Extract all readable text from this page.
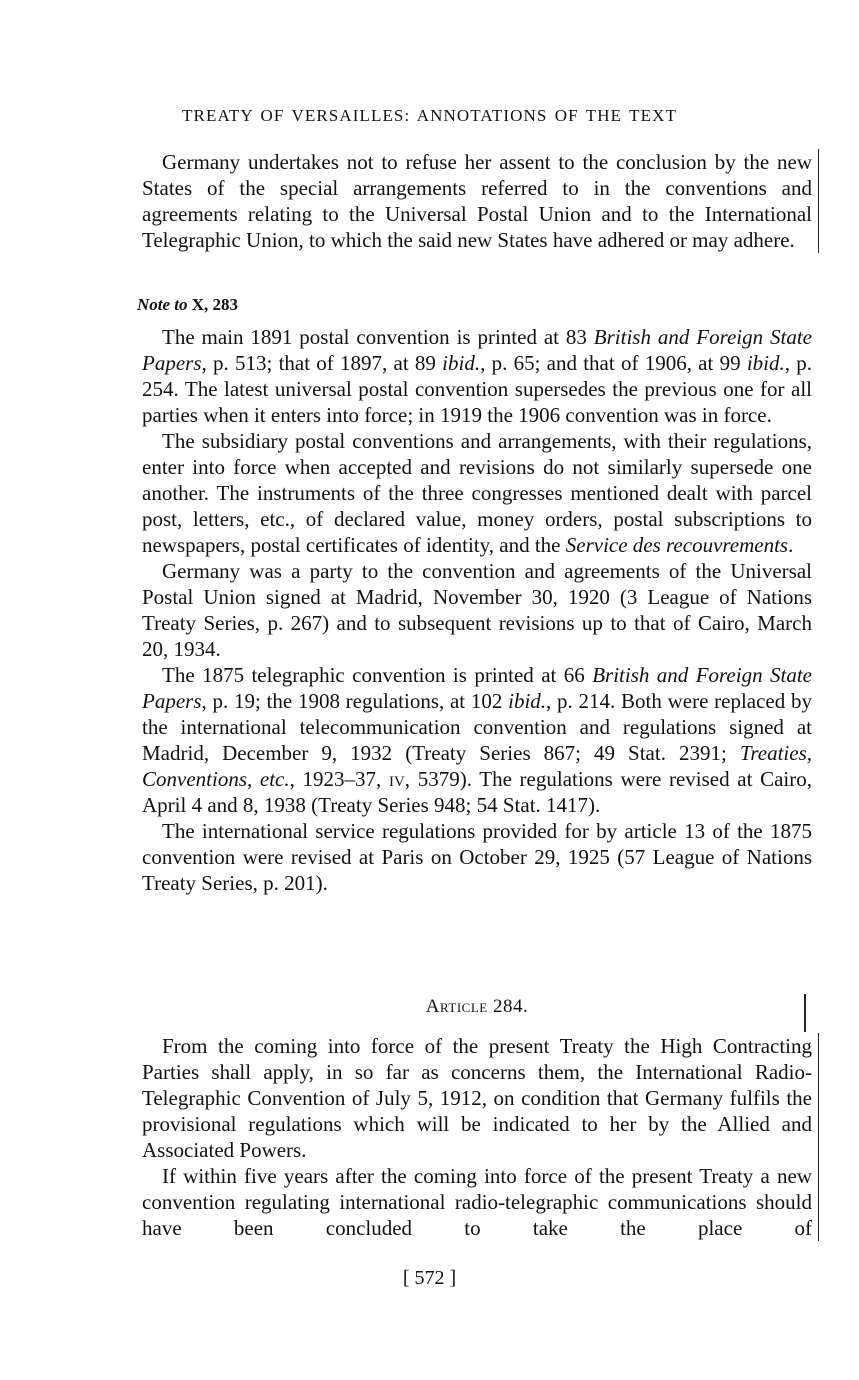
TREATY OF VERSAILLES: ANNOTATIONS OF THE TEXT

Germany undertakes not to refuse her assent to the conclusion by the new States of the special arrangements referred to in the conventions and agreements relating to the Universal Postal Union and to the International Telegraphic Union, to which the said new States have adhered or may adhere.

Note to X, 283

The main 1891 postal convention is printed at 83 British and Foreign State Papers, p. 513; that of 1897, at 89 ibid., p. 65; and that of 1906, at 99 ibid., p. 254. The latest universal postal convention supersedes the previous one for all parties when it enters into force; in 1919 the 1906 convention was in force.

The subsidiary postal conventions and arrangements, with their regulations, enter into force when accepted and revisions do not similarly supersede one another. The instruments of the three congresses mentioned dealt with parcel post, letters, etc., of declared value, money orders, postal subscriptions to newspapers, postal certificates of identity, and the Service des recouvrements.

Germany was a party to the convention and agreements of the Universal Postal Union signed at Madrid, November 30, 1920 (3 League of Nations Treaty Series, p. 267) and to subsequent revisions up to that of Cairo, March 20, 1934.

The 1875 telegraphic convention is printed at 66 British and Foreign State Papers, p. 19; the 1908 regulations, at 102 ibid., p. 214. Both were replaced by the international telecommunication convention and regulations signed at Madrid, December 9, 1932 (Treaty Series 867; 49 Stat. 2391; Treaties, Conventions, etc., 1923–37, iv, 5379). The regulations were revised at Cairo, April 4 and 8, 1938 (Treaty Series 948; 54 Stat. 1417).

The international service regulations provided for by article 13 of the 1875 convention were revised at Paris on October 29, 1925 (57 League of Nations Treaty Series, p. 201).

Article 284.

From the coming into force of the present Treaty the High Contracting Parties shall apply, in so far as concerns them, the International Radio-Telegraphic Convention of July 5, 1912, on condition that Germany fulfils the provisional regulations which will be indicated to her by the Allied and Associated Powers.

If within five years after the coming into force of the present Treaty a new convention regulating international radio-telegraphic communications should have been concluded to take the place of

[ 572 ]
